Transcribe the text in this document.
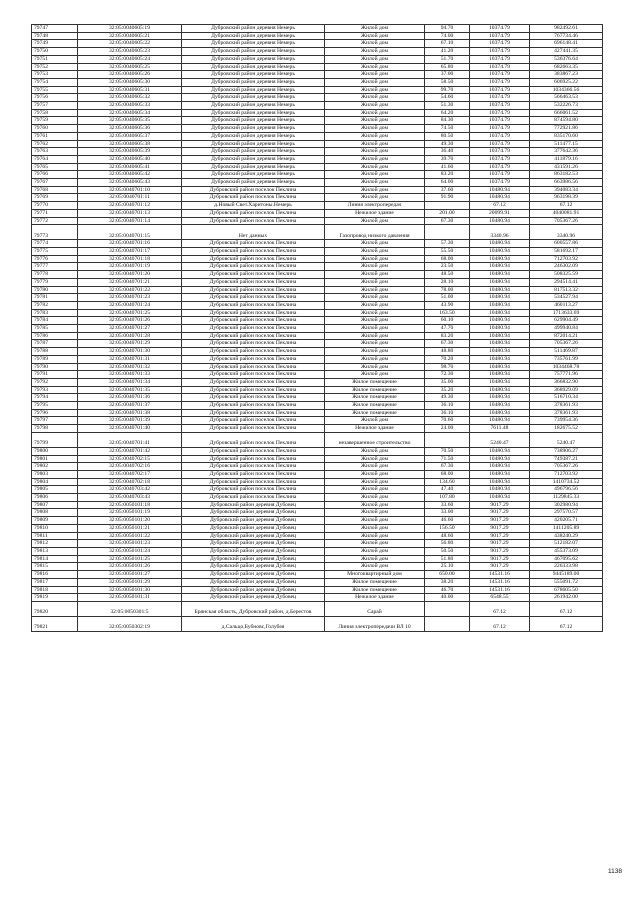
79747	32:05:0040605:19	Дубровский район деревня Немерь	Жилой дом	94.70	10374.79	982492.61
79748	32:05:0040605:21	Дубровский район деревня Немерь	Жилой дом	74.00	10374.79	767734.46
79749	32:05:0040605:22	Дубровский район деревня Немерь	Жилой дом	67.10	10374.79	696148.41
79750	32:05:0040605:23	Дубровский район деревня Немерь	Жилой дом	41.20	10374.79	427441.35
79751	32:05:0040605:24	Дубровский район деревня Немерь	Жилой дом	51.70	10374.79	536376.64
79752	32:05:0040605:25	Дубровский район деревня Немерь	Жилой дом	65.80	10374.79	682663.35
79753	32:05:0040605:26	Дубровский район деревня Немерь	Жилой дом	37.00	10374.79	383867.23
79754	32:05:0040605:30	Дубровский район деревня Немерь	Жилой дом	58.50	10374.79	606925.22
79755	32:05:0040605:31	Дубровский район деревня Немерь	Жилой дом	99.70	10374.79	1034366.56
79756	32:05:0040605:32	Дубровский район деревня Немерь	Жилой дом	54.60	10374.79	566463.53
79757	32:05:0040605:33	Дубровский район деревня Немерь	Жилой дом	51.30	10374.79	532226.73
79758	32:05:0040605:34	Дубровский район деревня Немерь	Жилой дом	64.20	10374.79	666061.52
79759	32:05:0040605:35	Дубровский район деревня Немерь	Жилой дом	84.30	10374.79	874594.80
79760	32:05:0040605:36	Дубровский район деревня Немерь	Жилой дом	74.50	10374.79	772921.86
79761	32:05:0040605:37	Дубровский район деревня Немерь	Жилой дом	80.50	10374.79	835170.60
79762	32:05:0040605:38	Дубровский район деревня Немерь	Жилой дом	49.30	10374.79	511477.15
79763	32:05:0040605:39	Дубровский район деревня Немерь	Жилой дом	36.40	10374.79	377642.36
79764	32:05:0040605:40	Дубровский район деревня Немерь	Жилой дом	39.70	10374.79	411879.16
79765	32:05:0040605:41	Дубровский район деревня Немерь	Жилой дом	41.60	10374.79	431591.26
79766	32:05:0040605:42	Дубровский район деревня Немерь	Жилой дом	83.20	10374.79	863182.53
79767	32:05:0040605:43	Дубровский район деревня Немерь	Жилой дом	64.00	10374.79	663986.56
79768	32:05:0040701:10	Дубровский район поселок Пеклина	Жилой дом	37.60	10480.94	394083.34
79769	32:05:0040701:11	Дубровский район поселок Пеклина	Жилой дом	91.90	10480.94	963198.39
79770	32:05:0040701:12	д.Новый Свет.Харитоны.Немерь	Линия электропередач		67.12	67.12
79771	32:05:0040701:13	Дубровский район поселок Пеклина	Нежилое здание	201.00	20099.91	4040081.91
79772	32:05:0040701:14	Дубровский район поселок Пеклина	Жилой дом	67.30	10480.94	705367.26
79773	32:05:0040701:15	Нет данных	Газопровод низкого давления		3340.96	3340.96
79774	32:05:0040701:16	Дубровский район поселок Пеклина	Жилой дом	57.30	10480.94	600557.86
79775	32:05:0040701:17	Дубровский район поселок Пеклина	Жилой дом	55.50	10480.94	581692.17
79776	32:05:0040701:18	Дубровский район поселок Пеклина	Жилой дом	68.00	10480.94	712703.92
79777	32:05:0040701:19	Дубровский район поселок Пеклина	Жилой дом	23.50	10480.94	246302.09
79778	32:05:0040701:20	Дубровский район поселок Пеклина	Жилой дом	48.50	10480.94	508325.59
79779	32:05:0040701:21	Дубровский район поселок Пеклина	Жилой дом	28.10	10480.94	294514.41
79780	32:05:0040701:22	Дубровский район поселок Пеклина	Жилой дом	78.00	10480.94	817513.32
79781	32:05:0040701:23	Дубровский район поселок Пеклина	Жилой дом	51.00	10480.94	534527.94
79782	32:05:0040701:24	Дубровский район поселок Пеклина	Жилой дом	43.90	10480.94	460113.27
79783	32:05:0040701:25	Дубровский район поселок Пеклина	Жилой дом	163.50	10480.94	1713633.69
79784	32:05:0040701:26	Дубровский район поселок Пеклина	Жилой дом	60.10	10480.94	629904.49
79785	32:05:0040701:27	Дубровский район поселок Пеклина	Жилой дом	47.70	10480.94	499940.84
79786	32:05:0040701:28	Дубровский район поселок Пеклина	Жилой дом	83.20	10480.94	872014.21
79787	32:05:0040701:29	Дубровский район поселок Пеклина	Жилой дом	67.30	10480.94	705367.26
79788	32:05:0040701:30	Дубровский район поселок Пеклина	Жилой дом	48.80	10480.94	511469.87
79789	32:05:0040701:31	Дубровский район поселок Пеклина	Жилой дом	70.20	10480.94	735761.99
79790	32:05:0040701:32	Дубровский район поселок Пеклина	Жилой дом	98.70	10480.94	1034468.78
79791	32:05:0040701:33	Дубровский район поселок Пеклина	Жилой дом	72.30	10480.94	757771.96
79792	32:05:0040701:34	Дубровский район поселок Пеклина	Жилое помещение	35.00	10480.94	366832.90
79793	32:05:0040701:35	Дубровский район поселок Пеклина	Жилое помещение	35.20	10480.94	368929.09
79794	32:05:0040701:36	Дубровский район поселок Пеклина	Жилое помещение	49.30	10480.94	516710.34
79795	32:05:0040701:37	Дубровский район поселок Пеклина	Жилое помещение	36.10	10480.94	378361.93
79796	32:05:0040701:38	Дубровский район поселок Пеклина	Жилое помещение	36.10	10480.94	378361.93
79797	32:05:0040701:39	Дубровский район поселок Пеклина	Жилой дом	70.60	10480.94	739954.36
79798	32:05:0040701:40	Дубровский район поселок Пеклина	Нежилое здание	24.00	7611.48	182675.52
79799	32:05:0040701:41	Дубровский район поселок Пеклина	незавершенное строительство		5240.47	5240.47
79800	32:05:0040701:42	Дубровский район поселок Пеклина	Жилой дом	70.50	10480.94	738906.27
79801	32:05:0040702:15	Дубровский район поселок Пеклина	Жилой дом	71.50	10480.94	749387.21
79802	32:05:0040702:16	Дубровский район поселок Пеклина	Жилой дом	67.30	10480.94	705367.26
79803	32:05:0040702:17	Дубровский район поселок Пеклина	Жилой дом	68.00	10480.94	712703.92
79804	32:05:0040702:18	Дубровский район поселок Пеклина	Жилой дом	134.60	10480.94	1410734.52
79805	32:05:0040703:42	Дубровский район поселок Пеклина	Жилой дом	47.40	10480.94	496796.56
79806	32:05:0040703:43	Дубровский район поселок Пеклина	Жилой дом	107.80	10480.94	1129845.33
79807	32:05:0050101:18	Дубровский район деревня Дубовец	Жилой дом	33.60	9017.29	302980.94
79808	32:05:0050101:19	Дубровский район деревня Дубовец	Жилой дом	33.00	9017.29	297570.57
79809	32:05:0050101:20	Дубровский район деревня Дубовец	Жилой дом	46.60	9017.29	420205.71
79810	32:05:0050101:21	Дубровский район деревня Дубовец	Жилой дом	156.50	9017.29	1411205.89
79811	32:05:0050101:22	Дубровский район деревня Дубовец	Жилой дом	48.60	9017.29	438240.29
79812	32:05:0050101:23	Дубровский район деревня Дубовец	Жилой дом	56.80	9017.29	512182.07
79813	32:05:0050101:24	Дубровский район деревня Дубовец	Жилой дом	50.50	9017.29	455373.09
79814	32:05:0050101:25	Дубровский район деревня Дубовец	Жилой дом	51.80	9017.29	467095.62
79815	32:05:0050101:26	Дубровский район деревня Дубовец	Жилой дом	25.10	9017.29	226333.98
79816	32:05:0050101:27	Дубровский район деревня Дубовец	Многоквартирный дом	650.00	14531.16	9445189.00
79817	32:05:0050101:29	Дубровский район деревня Дубовец	Жилое помещение	38.20	14531.16	555091.72
79818	32:05:0050101:30	Дубровский район деревня Дубовец	Жилое помещение	46.70	14531.16	678605.50
79819	32:05:0050101:31	Дубровский район деревня Дубовец	Нежилое здание	40.00	6548.55	261942.00
79820	32:05:0050301:5	Брянская область, Дубровский район, д.Берестов	Сарай		67.12	67.12
79821	32:05:0050302:19	д.Сальцо,Бубновс,Голубея	Линия электропередачи ВЛ 10		67.12	67.12
1138
